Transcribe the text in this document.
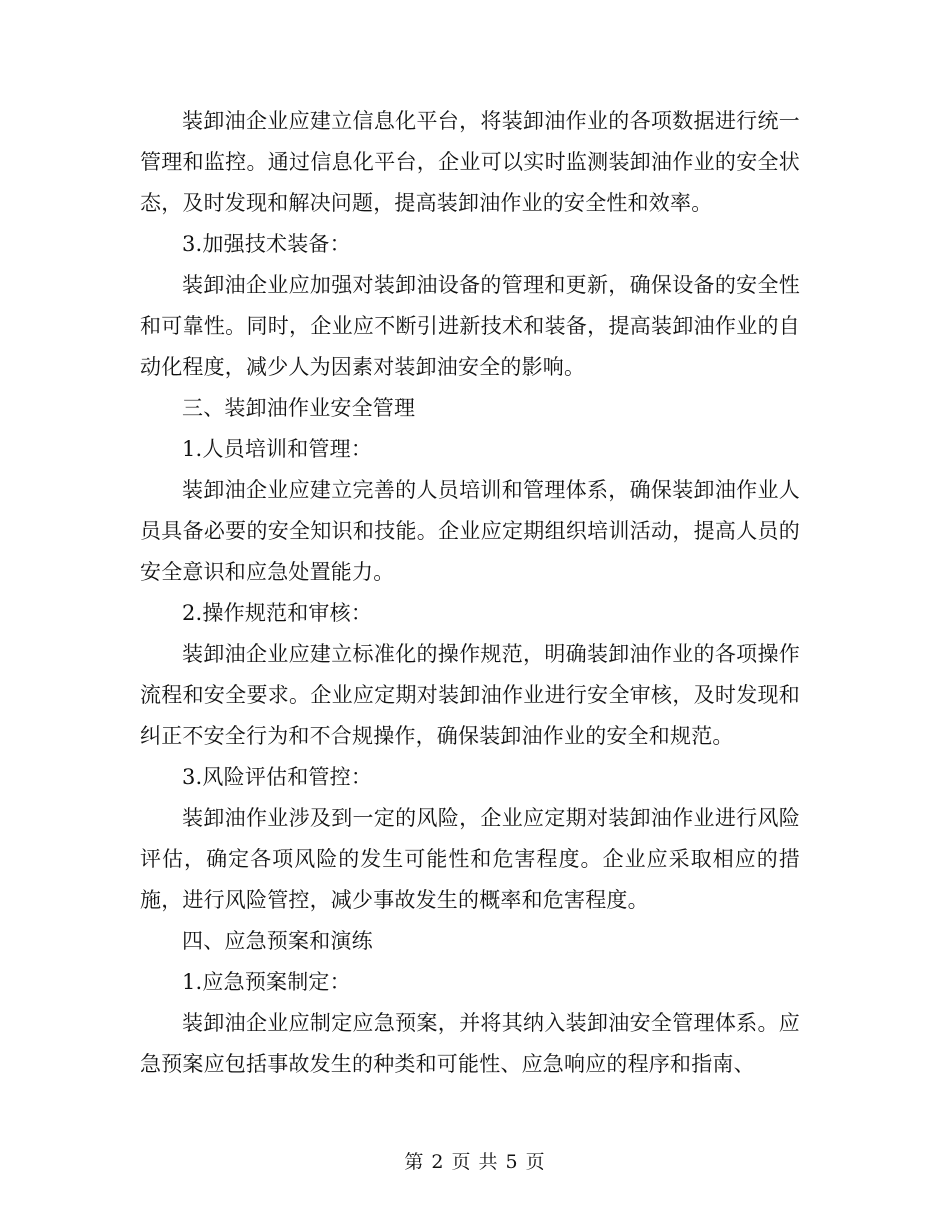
装卸油企业应建立信息化平台，将装卸油作业的各项数据进行统一管理和监控。通过信息化平台，企业可以实时监测装卸油作业的安全状态，及时发现和解决问题，提高装卸油作业的安全性和效率。

3.加强技术装备：

装卸油企业应加强对装卸油设备的管理和更新，确保设备的安全性和可靠性。同时，企业应不断引进新技术和装备，提高装卸油作业的自动化程度，减少人为因素对装卸油安全的影响。

三、装卸油作业安全管理

1.人员培训和管理：

装卸油企业应建立完善的人员培训和管理体系，确保装卸油作业人员具备必要的安全知识和技能。企业应定期组织培训活动，提高人员的安全意识和应急处置能力。

2.操作规范和审核：

装卸油企业应建立标准化的操作规范，明确装卸油作业的各项操作流程和安全要求。企业应定期对装卸油作业进行安全审核，及时发现和纠正不安全行为和不合规操作，确保装卸油作业的安全和规范。

3.风险评估和管控：

装卸油作业涉及到一定的风险，企业应定期对装卸油作业进行风险评估，确定各项风险的发生可能性和危害程度。企业应采取相应的措施，进行风险管控，减少事故发生的概率和危害程度。

四、应急预案和演练

1.应急预案制定：

装卸油企业应制定应急预案，并将其纳入装卸油安全管理体系。应急预案应包括事故发生的种类和可能性、应急响应的程序和指南、

第 2 页 共 5 页
